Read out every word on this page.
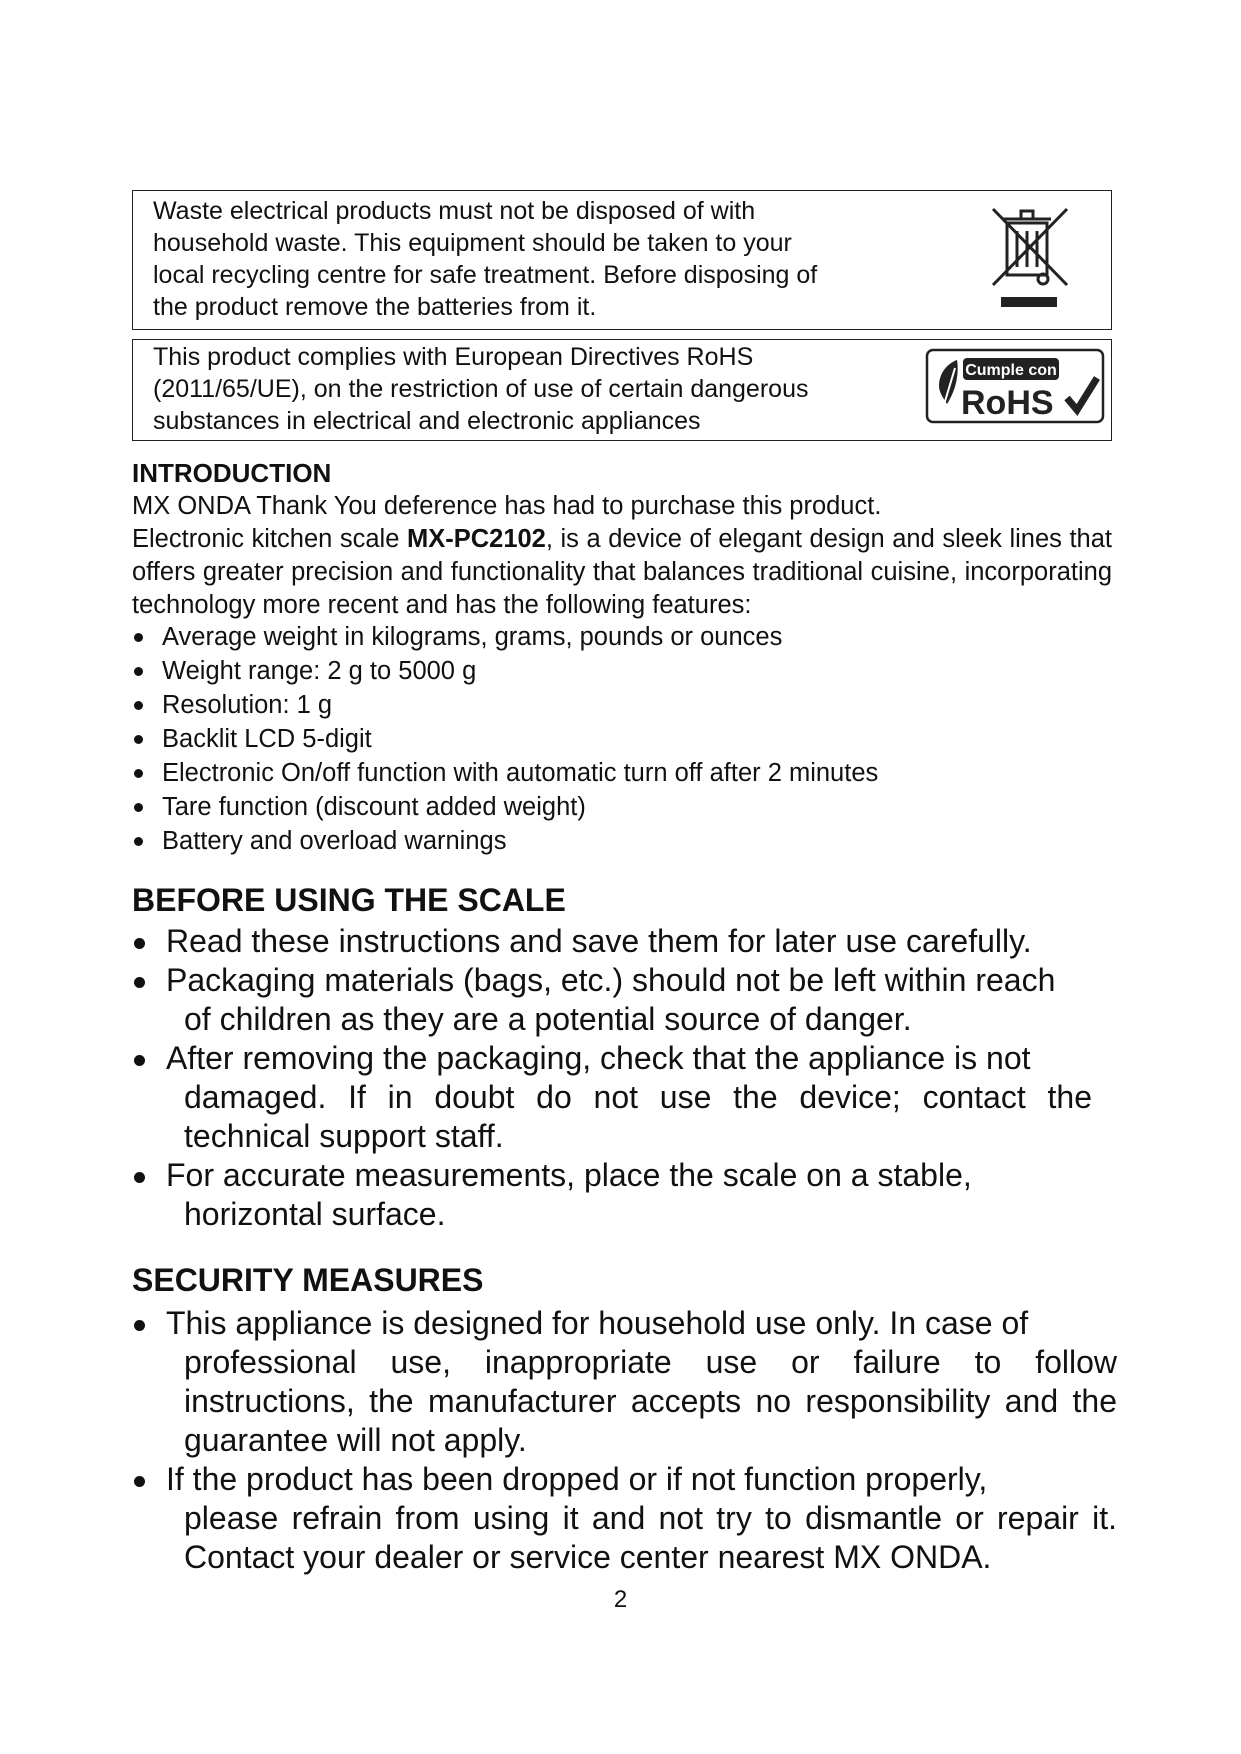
Waste electrical products must not be disposed of with
household waste. This equipment should be taken to your
local recycling centre for safe treatment. Before disposing of
the product remove the batteries from it.
This product complies with European Directives RoHS
(2011/65/UE), on the restriction of use of certain dangerous
substances in electrical and electronic appliances
Cumple con
RoHS
INTRODUCTION

MX ONDA Thank You deference has had to purchase this product.

Electronic kitchen scale MX-PC2102, is a device of elegant design and sleek lines that offers greater precision and functionality that balances traditional cuisine, incorporating technology more recent and has the following features:

Average weight in kilograms, grams, pounds or ounces
Weight range: 2 g to 5000 g
Resolution: 1 g
Backlit LCD 5-digit
Electronic On/off function with automatic turn off after 2 minutes
Tare function (discount added weight)
Battery and overload warnings
BEFORE USING THE SCALE
Read these instructions and save them for later use carefully.
Packaging materials (bags, etc.) should not be left within reach
of children as they are a potential source of danger.
After removing the packaging, check that the appliance is not
damaged. If in doubt do not use the device; contact the technical support staff.
For accurate measurements, place the scale on a stable,
horizontal surface.
SECURITY MEASURES
This appliance is designed for household use only. In case of
professional use, inappropriate use or failure to follow instructions, the manufacturer accepts no responsibility and the guarantee will not apply.
If the product has been dropped or if not function properly,
please refrain from using it and not try to dismantle or repair it. Contact your dealer or service center nearest MX ONDA.
2
